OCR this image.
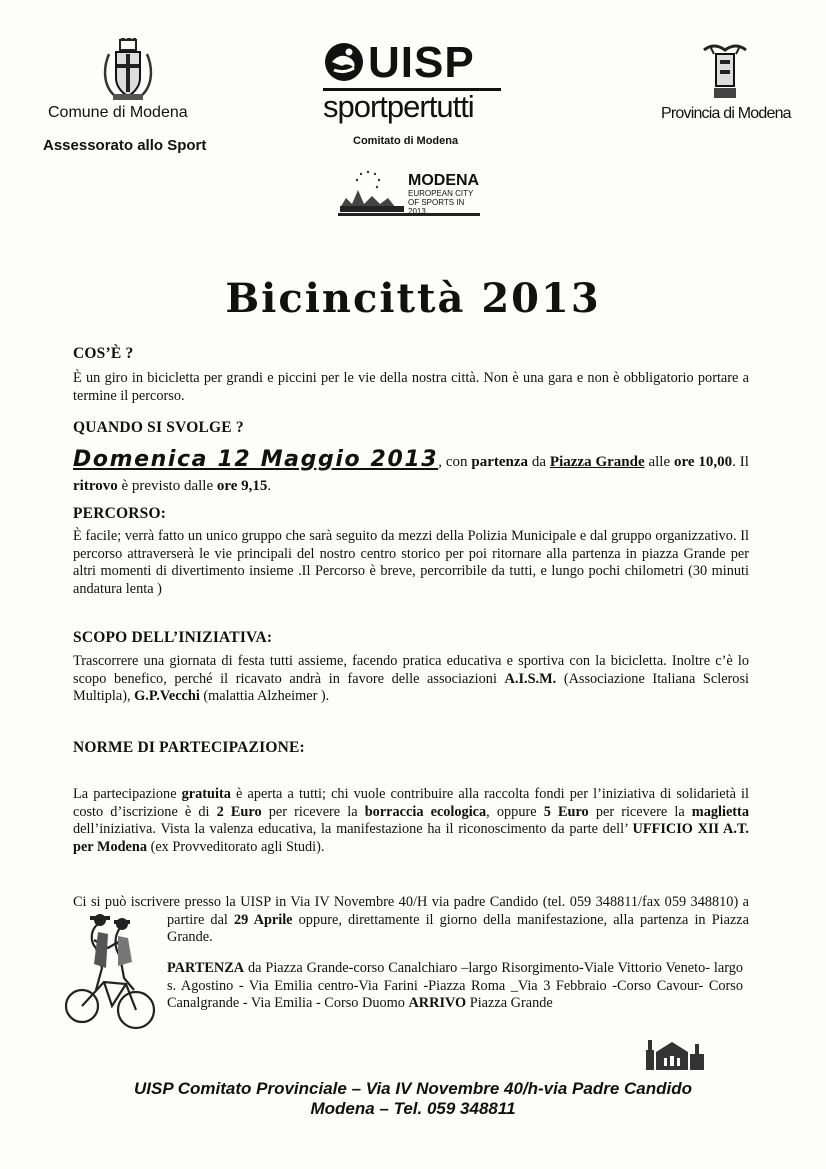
Comune di Modena
Assessorato allo Sport
UISP
sportpertutti
Comitato di Modena
MODENA
EUROPEAN CITY
OF SPORTS IN 2013
Provincia di Modena
Bicincittà 2013
COS’È ?
È un giro in bicicletta per grandi e piccini per le vie della nostra città. Non è una gara e non è obbligatorio portare a termine il percorso.
QUANDO SI SVOLGE ?
Domenica 12 Maggio 2013, con partenza da Piazza Grande alle ore 10,00. Il ritrovo è previsto dalle ore 9,15.
PERCORSO:
È facile; verrà fatto un unico gruppo che sarà seguito da mezzi della Polizia Municipale e dal gruppo organizzativo. Il percorso attraverserà le vie principali del nostro centro storico per poi ritornare alla partenza in piazza Grande per altri momenti di divertimento insieme .Il Percorso è breve, percorribile da tutti, e lungo pochi chilometri (30 minuti andatura lenta )
SCOPO DELL’INIZIATIVA:
Trascorrere una giornata di festa tutti assieme, facendo pratica educativa e sportiva con la bicicletta. Inoltre c’è lo scopo benefico, perché il ricavato andrà in favore delle associazioni A.I.S.M. (Associazione Italiana Sclerosi Multipla), G.P.Vecchi (malattia Alzheimer ).
NORME DI PARTECIPAZIONE:
La partecipazione gratuita è aperta a tutti; chi vuole contribuire alla raccolta fondi per l’iniziativa di solidarietà il costo d’iscrizione è di 2 Euro per ricevere la borraccia ecologica, oppure 5 Euro per ricevere la maglietta dell’iniziativa. Vista la valenza educativa, la manifestazione ha il riconoscimento da parte dell’ UFFICIO XII A.T. per Modena (ex Provveditorato agli Studi).
Ci si può iscrivere presso la UISP in Via IV Novembre 40/H via padre Candido (tel. 059 348811/fax 059 348810) a partire dal 29 Aprile oppure, direttamente il giorno della manifestazione, alla partenza in Piazza Grande.
PARTENZA da Piazza Grande-corso Canalchiaro –largo Risorgimento-Viale Vittorio Veneto- largo s. Agostino - Via Emilia centro-Via Farini -Piazza Roma _Via 3 Febbraio -Corso Cavour- Corso Canalgrande - Via Emilia - Corso Duomo ARRIVO Piazza Grande
UISP Comitato Provinciale – Via IV Novembre 40/h-via Padre Candido
Modena – Tel. 059 348811
